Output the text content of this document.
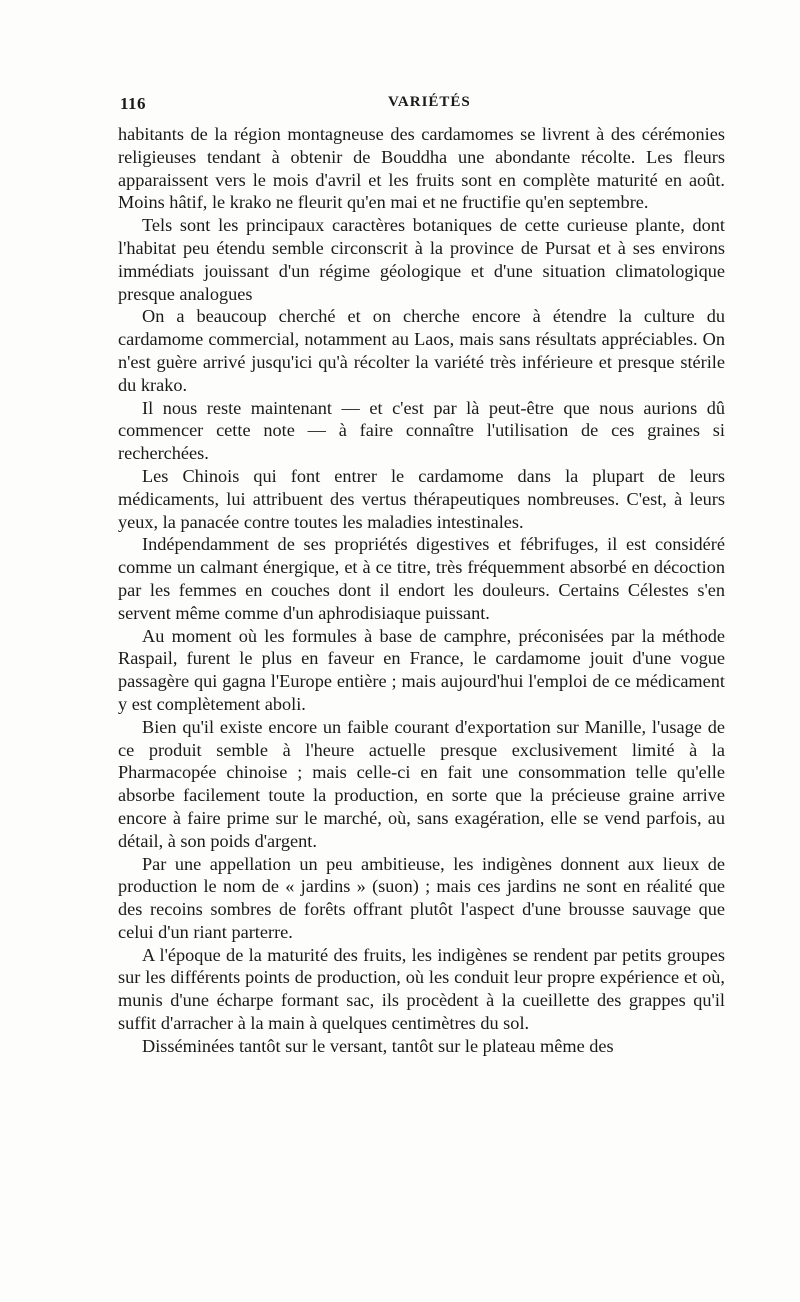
116	VARIÉTÉS

habitants de la région montagneuse des cardamomes se livrent à des cérémonies religieuses tendant à obtenir de Bouddha une abondante récolte. Les fleurs apparaissent vers le mois d'avril et les fruits sont en complète maturité en août. Moins hâtif, le krako ne fleurit qu'en mai et ne fructifie qu'en septembre.

Tels sont les principaux caractères botaniques de cette curieuse plante, dont l'habitat peu étendu semble circonscrit à la province de Pursat et à ses environs immédiats jouissant d'un régime géologique et d'une situation climatologique presque analogues

On a beaucoup cherché et on cherche encore à étendre la culture du cardamome commercial, notamment au Laos, mais sans résultats appréciables. On n'est guère arrivé jusqu'ici qu'à récolter la variété très inférieure et presque stérile du krako.

Il nous reste maintenant — et c'est par là peut-être que nous aurions dû commencer cette note — à faire connaître l'utilisation de ces graines si recherchées.

Les Chinois qui font entrer le cardamome dans la plupart de leurs médicaments, lui attribuent des vertus thérapeutiques nombreuses. C'est, à leurs yeux, la panacée contre toutes les maladies intestinales.

Indépendamment de ses propriétés digestives et fébrifuges, il est considéré comme un calmant énergique, et à ce titre, très fréquemment absorbé en décoction par les femmes en couches dont il endort les douleurs. Certains Célestes s'en servent même comme d'un aphrodisiaque puissant.

Au moment où les formules à base de camphre, préconisées par la méthode Raspail, furent le plus en faveur en France, le cardamome jouit d'une vogue passagère qui gagna l'Europe entière ; mais aujourd'hui l'emploi de ce médicament y est complètement aboli.

Bien qu'il existe encore un faible courant d'exportation sur Manille, l'usage de ce produit semble à l'heure actuelle presque exclusivement limité à la Pharmacopée chinoise ; mais celle-ci en fait une consommation telle qu'elle absorbe facilement toute la production, en sorte que la précieuse graine arrive encore à faire prime sur le marché, où, sans exagération, elle se vend parfois, au détail, à son poids d'argent.

Par une appellation un peu ambitieuse, les indigènes donnent aux lieux de production le nom de « jardins » (suon) ; mais ces jardins ne sont en réalité que des recoins sombres de forêts offrant plutôt l'aspect d'une brousse sauvage que celui d'un riant parterre.

A l'époque de la maturité des fruits, les indigènes se rendent par petits groupes sur les différents points de production, où les conduit leur propre expérience et où, munis d'une écharpe formant sac, ils procèdent à la cueillette des grappes qu'il suffit d'arracher à la main à quelques centimètres du sol.

Disséminées tantôt sur le versant, tantôt sur le plateau même des
